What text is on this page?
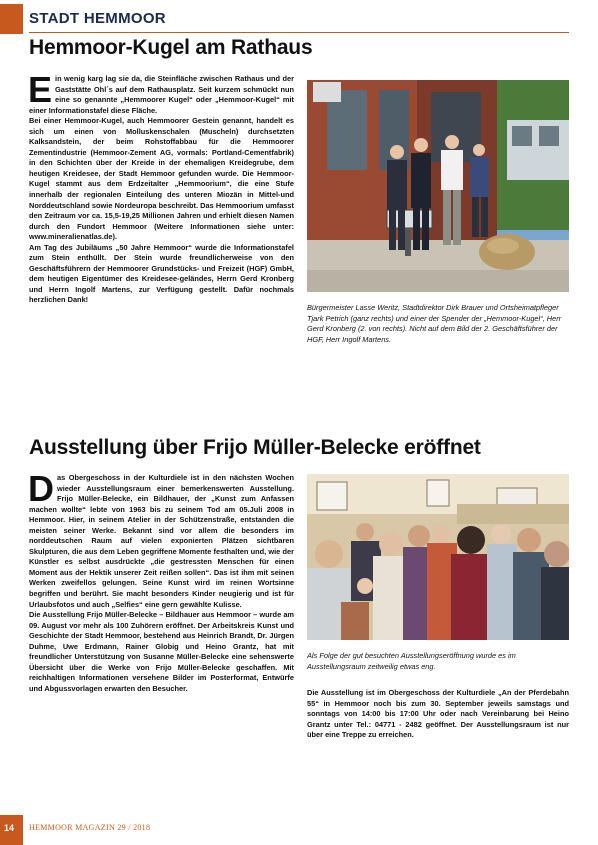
STADT HEMMOOR
Hemmoor-Kugel am Rathaus

Ein wenig karg lag sie da, die Steinfläche zwischen Rathaus und der Gaststätte Ohl´s auf dem Rathausplatz. Seit kurzem schmückt nun eine so genannte „Hemmoorer Kugel“ oder „Hemmoor-Kugel“ mit einer Informationstafel diese Fläche.

Bei einer Hemmoor-Kugel, auch Hemmoorer Gestein genannt, handelt es sich um einen von Molluskenschalen (Muscheln) durchsetzten Kalksandstein, der beim Rohstoffabbau für die Hemmoorer Zementindustrie (Hemmoor-Zement AG, vormals: Portland-Cementfabrik) in den Schichten über der Kreide in der ehemaligen Kreidegrube, dem heutigen Kreidesee, der Stadt Hemmoor gefunden wurde. Die Hemmoor-Kugel stammt aus dem Erdzeitalter „Hemmoorium“, die eine Stufe innerhalb der regionalen Einteilung des unteren Miozän in Mittel-und Norddeutschland sowie Nordeuropa beschreibt. Das Hemmoorium umfasst den Zeitraum vor ca. 15,5-19,25 Millionen Jahren und erhielt diesen Namen durch den Fundort Hemmoor (Weitere Informationen siehe unter: www.mineralienatlas.de).

Am Tag des Jubiläums „50 Jahre Hemmoor“ wurde die Informationstafel zum Stein enthüllt. Der Stein wurde freundlicherweise von den Geschäftsführern der Hemmoorer Grundstücks- und Freizeit (HGF) GmbH, dem heutigen Eigentümer des Kreidesee-geländes, Herrn Gerd Kronberg und Herrn Ingolf Martens, zur Verfügung gestellt. Dafür nochmals herzlichen Dank!

Bürgermeister Lasse Weritz, Stadtdirektor Dirk Brauer und Ortsheimatpfleger Tjark Petrich (ganz rechts) und einer der Spender der „Hemmoor-Kugel“, Herr Gerd Kronberg (2. von rechts). Nicht auf dem Bild der 2. Geschäftsführer der HGF, Herr Ingolf Martens.
Ausstellung über Frijo Müller-Belecke eröffnet

Das Obergeschoss in der Kulturdiele ist in den nächsten Wochen wieder Ausstellungsraum einer bemerkenswerten Ausstellung. Frijo Müller-Belecke, ein Bildhauer, der „Kunst zum Anfassen machen wollte“ lebte von 1963 bis zu seinem Tod am 05.Juli 2008 in Hemmoor. Hier, in seinem Atelier in der Schützenstraße, entstanden die meisten seiner Werke. Bekannt sind vor allem die besonders im norddeutschen Raum auf vielen exponierten Plätzen sichtbaren Skulpturen, die aus dem Leben gegriffene Momente festhalten und, wie der Künstler es selbst ausdrückte „die gestressten Menschen für einen Moment aus der Hektik unserer Zeit reißen sollen“. Das ist ihm mit seinen Werken zweifellos gelungen. Seine Kunst wird im reinen Wortsinne begriffen und berührt. Sie macht besonders Kinder neugierig und ist für Urlaubsfotos und auch „Selfies“ eine gern gewählte Kulisse.

Die Ausstellung Frijo Müller-Belecke – Bildhauer aus Hemmoor – wurde am 09. August vor mehr als 100 Zuhörern eröffnet. Der Arbeitskreis Kunst und Geschichte der Stadt Hemmoor, bestehend aus Heinrich Brandt, Dr. Jürgen Duhme, Uwe Erdmann, Rainer Globig und Heino Grantz, hat mit freundlicher Unterstützung von Susanne Müller-Belecke eine sehenswerte Übersicht über die Werke von Frijo Müller-Belecke geschaffen. Mit reichhaltigen Informationen versehene Bilder im Posterformat, Entwürfe und Abgussvorlagen erwarten den Besucher.

Als Folge der gut besuchten Ausstellungseröffnung wurde es im Ausstellungsraum zeitweilig etwas eng.
Die Ausstellung ist im Obergeschoss der Kulturdiele „An der Pferdebahn 55“ in Hemmoor noch bis zum 30. September jeweils samstags und sonntags von 14:00 bis 17:00 Uhr oder nach Vereinbarung bei Heino Grantz unter Tel.: 04771 - 2482 geöffnet. Der Ausstellungsraum ist nur über eine Treppe zu erreichen.
14 HEMMOOR MAGAZIN 29 / 2018
